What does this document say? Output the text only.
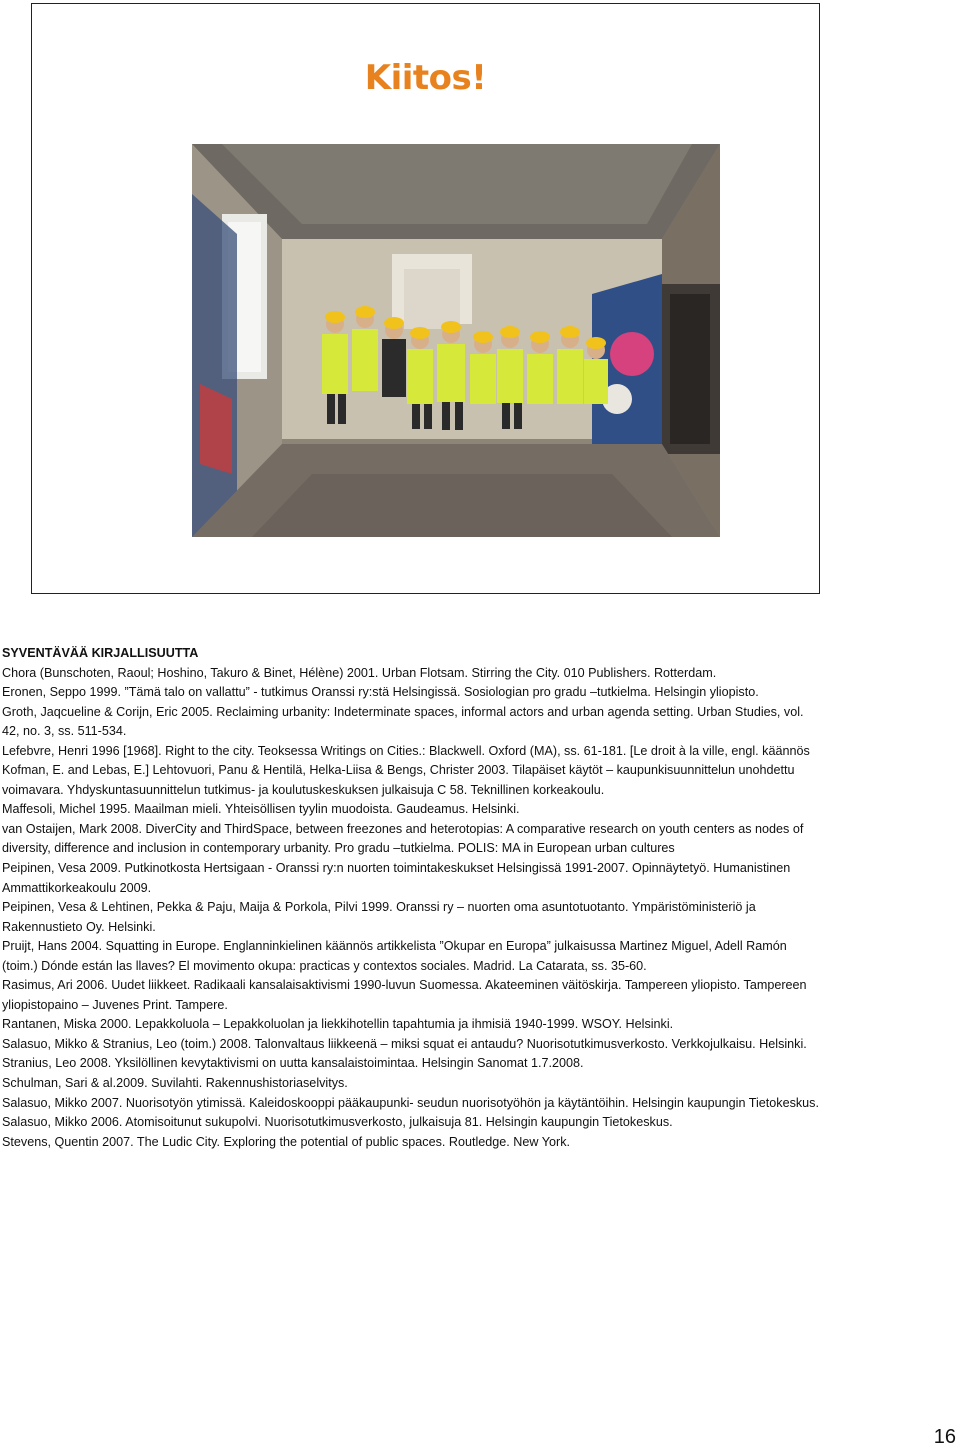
Kiitos!
SYVENTÄVÄÄ KIRJALLISUUTTA

Chora (Bunschoten, Raoul; Hoshino, Takuro & Binet, Hélène) 2001. Urban Flotsam. Stirring the City. 010 Publishers. Rotterdam.

Eronen, Seppo 1999. ”Tämä talo on vallattu” - tutkimus Oranssi ry:stä Helsingissä. Sosiologian pro gradu –tutkielma. Helsingin yliopisto.

Groth, Jaqcueline & Corijn, Eric 2005. Reclaiming urbanity: Indeterminate spaces, informal actors and urban agenda setting. Urban Studies, vol. 42, no. 3, ss. 511-534.

Lefebvre, Henri 1996 [1968]. Right to the city. Teoksessa Writings on Cities.: Blackwell. Oxford (MA), ss. 61-181. [Le droit à la ville, engl. käännös

Kofman, E. and Lebas, E.] Lehtovuori, Panu & Hentilä, Helka-Liisa & Bengs, Christer 2003. Tilapäiset käytöt – kaupunkisuunnittelun unohdettu voimavara. Yhdyskuntasuunnittelun tutkimus- ja koulutuskeskuksen julkaisuja C 58. Teknillinen korkeakoulu.

Maffesoli, Michel 1995. Maailman mieli. Yhteisöllisen tyylin muodoista. Gaudeamus. Helsinki.

van Ostaijen, Mark 2008. DiverCity and ThirdSpace, between freezones and heterotopias: A comparative research on youth centers as nodes of diversity, difference and inclusion in contemporary urbanity. Pro gradu –tutkielma. POLIS: MA in European urban cultures

Peipinen, Vesa 2009. Putkinotkosta Hertsigaan - Oranssi ry:n nuorten toimintakeskukset Helsingissä 1991-2007. Opinnäytetyö. Humanistinen Ammattikorkeakoulu 2009.

Peipinen, Vesa & Lehtinen, Pekka & Paju, Maija & Porkola, Pilvi 1999. Oranssi ry – nuorten oma asuntotuotanto. Ympäristöministeriö ja Rakennustieto Oy. Helsinki.

Pruijt, Hans 2004. Squatting in Europe. Englanninkielinen käännös artikkelista ”Okupar en Europa” julkaisussa Martinez Miguel, Adell Ramón (toim.) Dónde están las llaves? El movimento okupa: practicas y contextos sociales. Madrid. La Catarata, ss. 35-60.

Rasimus, Ari 2006. Uudet liikkeet. Radikaali kansalaisaktivismi 1990-luvun Suomessa. Akateeminen väitöskirja. Tampereen yliopisto. Tampereen yliopistopaino – Juvenes Print. Tampere.

Rantanen, Miska 2000. Lepakkoluola – Lepakkoluolan ja liekkihotellin tapahtumia ja ihmisiä 1940-1999. WSOY. Helsinki.

Salasuo, Mikko & Stranius, Leo (toim.) 2008. Talonvaltaus liikkeenä – miksi squat ei antaudu? Nuorisotutkimusverkosto. Verkkojulkaisu. Helsinki.

Stranius, Leo 2008. Yksilöllinen kevytaktivismi on uutta kansalaistoimintaa. Helsingin Sanomat 1.7.2008.

Schulman, Sari & al.2009. Suvilahti. Rakennushistoriaselvitys.

Salasuo, Mikko 2007. Nuorisotyön ytimissä. Kaleidoskooppi pääkaupunki- seudun nuorisotyöhön ja käytäntöihin. Helsingin kaupungin Tietokeskus.

Salasuo, Mikko 2006. Atomisoitunut sukupolvi. Nuorisotutkimusverkosto, julkaisuja 81. Helsingin kaupungin Tietokeskus.

Stevens, Quentin 2007. The Ludic City. Exploring the potential of public spaces. Routledge. New York.

16
